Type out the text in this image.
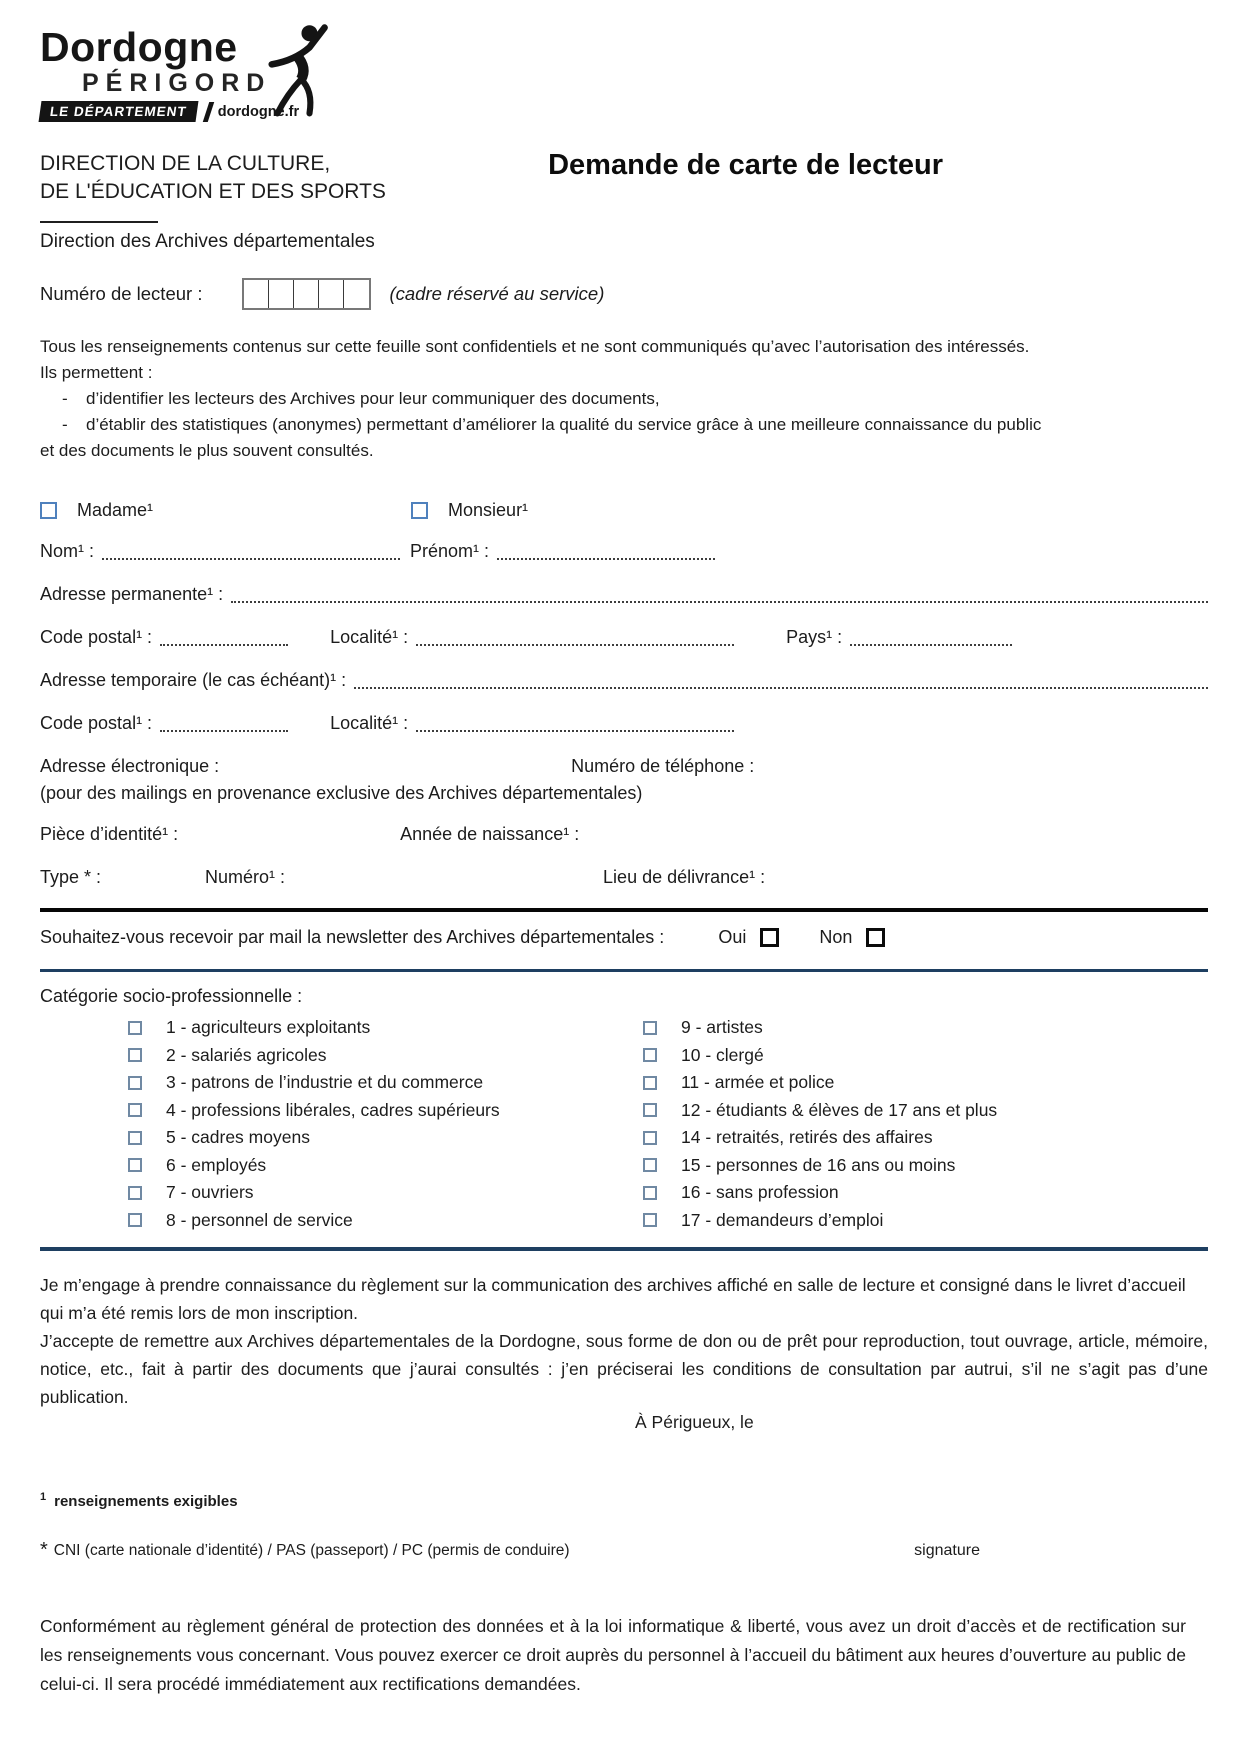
Dordogne
PÉRIGORD
LE DÉPARTEMENT	dordogne.fr
DIRECTION DE LA CULTURE,
DE L'ÉDUCATION ET DES SPORTS
Demande de carte de lecteur
Direction des Archives départementales
Numéro de lecteur :	(cadre réservé au service)
Tous les renseignements contenus sur cette feuille sont confidentiels et ne sont communiqués qu’avec l’autorisation des intéressés.
Ils permettent :
- d’identifier les lecteurs des Archives pour leur communiquer des documents,
- d’établir des statistiques (anonymes) permettant d’améliorer la qualité du service grâce à une meilleure connaissance du public
et des documents le plus souvent consultés.
Madame¹	Monsieur¹
Nom¹ :	Prénom¹ :
Adresse permanente¹ :
Code postal¹ :	Localité¹ :	Pays¹ :
Adresse temporaire (le cas échéant)¹ :
Code postal¹ :	Localité¹ :
Adresse électronique :	Numéro de téléphone :
(pour des mailings en provenance exclusive des Archives départementales)
Pièce d’identité¹ :	Année de naissance¹ :
Type * :	Numéro¹ :	Lieu de délivrance¹ :
Souhaitez-vous recevoir par mail la newsletter des Archives départementales :	Oui	Non
Catégorie socio-professionnelle :
1 - agriculteurs exploitants
2 - salariés agricoles
3 - patrons de l’industrie et du commerce
4 - professions libérales, cadres supérieurs
5 - cadres moyens
6 - employés
7 - ouvriers
8 - personnel de service
9 - artistes
10 - clergé
11 - armée et police
12 - étudiants & élèves de 17 ans et plus
14 - retraités, retirés des affaires
15 - personnes de 16 ans ou moins
16 - sans profession
17 - demandeurs d’emploi

Je m’engage à prendre connaissance du règlement sur la communication des archives affiché en salle de lecture et consigné dans le livret d’accueil qui m’a été remis lors de mon inscription.

J’accepte de remettre aux Archives départementales de la Dordogne, sous forme de don ou de prêt pour reproduction, tout ouvrage, article, mémoire, notice, etc., fait à partir des documents que j’aurai consultés : j’en préciserai les conditions de consultation par autrui, s’il ne s’agit pas d’une publication.

À Périgueux, le
$^1$ renseignements exigibles
* CNI (carte nationale d’identité) / PAS (passeport) / PC (permis de conduire)	signature
Conformément au règlement général de protection des données et à la loi informatique & liberté, vous avez un droit d’accès et de rectification sur les renseignements vous concernant. Vous pouvez exercer ce droit auprès du personnel à l’accueil du bâtiment aux heures d’ouverture au public de celui-ci. Il sera procédé immédiatement aux rectifications demandées.
